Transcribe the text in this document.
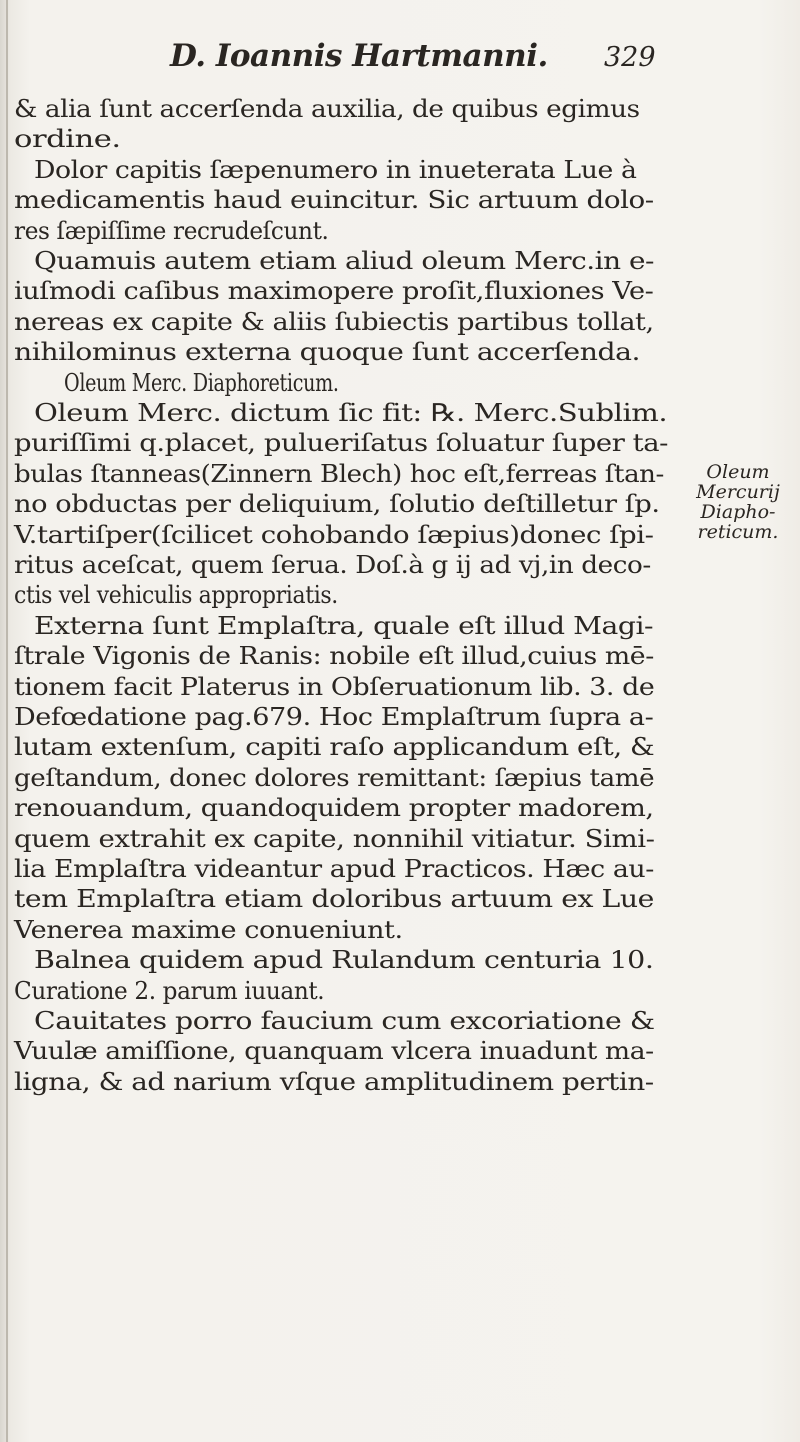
D. Ioannis Hartmanni. 329
& alia ſunt accerſenda auxilia, de quibus egimus
ordine.
Dolor capitis ſæpenumero in inueterata Lue à
medicamentis haud euincitur. Sic artuum dolo-
res ſæpiſſime recrudeſcunt.
Quamuis autem etiam aliud oleum Merc.in e-
iuſmodi caſibus maximopere proſit,fluxiones Ve-
nereas ex capite & aliis ſubiectis partibus tollat,
nihilominus externa quoque ſunt accerſenda.
Oleum Merc. Diaphoreticum.
Oleum Merc. dictum ſic fit: ℞. Merc.Sublim.
puriſſimi q.placet, pulueriſatus ſoluatur ſuper ta-
bulas ſtanneas(Zinnern Blech) hoc eſt,ferreas ſtan-
no obductas per deliquium, ſolutio deſtilletur ſp.
V.tartiſper(ſcilicet cohobando ſæpius)donec ſpi-
ritus aceſcat, quem ſerua. Doſ.à g ij ad vj,in deco-
ctis vel vehiculis appropriatis.
Externa ſunt Emplaſtra, quale eſt illud Magi-
ſtrale Vigonis de Ranis: nobile eſt illud,cuius mē-
tionem facit Platerus in Obſeruationum lib. 3. de
Defœdatione pag.679. Hoc Emplaſtrum ſupra a-
lutam extenſum, capiti raſo applicandum eſt, &
geſtandum, donec dolores remittant: ſæpius tamē
renouandum, quandoquidem propter madorem,
quem extrahit ex capite, nonnihil vitiatur. Simi-
lia Emplaſtra videantur apud Practicos. Hæc au-
tem Emplaſtra etiam doloribus artuum ex Lue
Venerea maxime conueniunt.
Balnea quidem apud Rulandum centuria 10.
Curatione 2. parum iuuant.
Cauitates porro faucium cum excoriatione &
Vuulæ amiſſione, quanquam vlcera inuadunt ma-
ligna, & ad narium vſque amplitudinem pertin-
Oleum
Mercurij
Diapho-
reticum.
